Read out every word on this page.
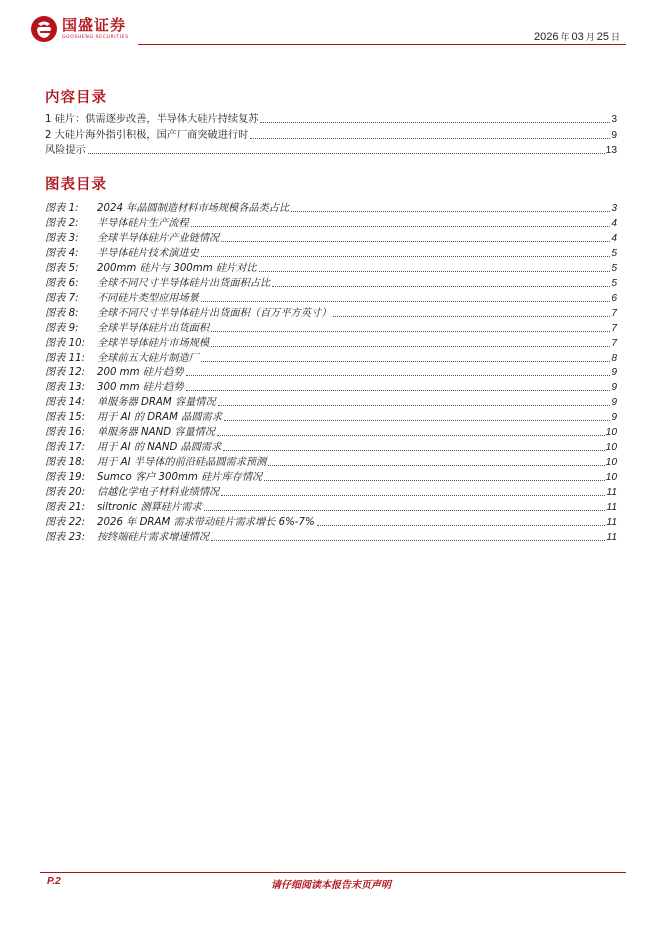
国盛证券
GUOSHENG SECURITIES	2026 年 03 月 25 日
内容目录
1 硅片：供需逐步改善，半导体大硅片持续复苏	3
2 大硅片海外指引积极，国产厂商突破进行时	9
风险提示	13
图表目录
图表 1: 2024 年晶圆制造材料市场规模各品类占比	3
图表 2: 半导体硅片生产流程	4
图表 3: 全球半导体硅片产业链情况	4
图表 4: 半导体硅片技术演进史	5
图表 5: 200mm 硅片与 300mm 硅片对比	5
图表 6: 全球不同尺寸半导体硅片出货面积占比	5
图表 7: 不同硅片类型应用场景	6
图表 8: 全球不同尺寸半导体硅片出货面积（百万平方英寸）	7
图表 9: 全球半导体硅片出货面积	7
图表 10: 全球半导体硅片市场规模	7
图表 11: 全球前五大硅片制造厂	8
图表 12: 200 mm 硅片趋势	9
图表 13: 300 mm 硅片趋势	9
图表 14: 单服务器 DRAM 容量情况	9
图表 15: 用于 AI 的 DRAM 晶圆需求	9
图表 16: 单服务器 NAND 容量情况	10
图表 17: 用于 AI 的 NAND 晶圆需求	10
图表 18: 用于 AI 半导体的前沿硅晶圆需求预测	10
图表 19: Sumco 客户 300mm 硅片库存情况	10
图表 20: 信越化学电子材料业绩情况	11
图表 21: siltronic 测算硅片需求	11
图表 22: 2026 年 DRAM 需求带动硅片需求增长 6%-7%	11
图表 23: 按终端硅片需求增速情况	11
P.2	请仔细阅读本报告末页声明
